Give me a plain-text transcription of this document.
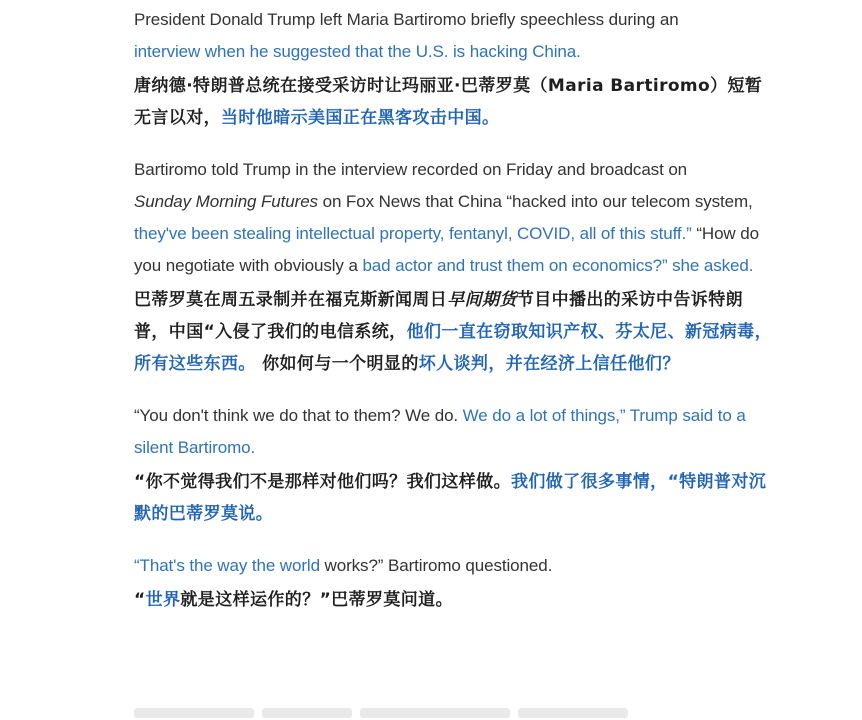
President Donald Trump left Maria Bartiromo briefly speechless during an
interview when he suggested that the U.S. is hacking China.

唐纳德·特朗普总统在接受采访时让玛丽亚·巴蒂罗莫（Maria Bartiromo）短暂无言以对，当时他暗示美国正在黑客攻击中国。

Bartiromo told Trump in the interview recorded on Friday and broadcast on
Sunday Morning Futures on Fox News that China “hacked into our telecom system, they've been stealing intellectual property, fentanyl, COVID, all of this stuff.” “How do you negotiate with obviously a bad actor and trust them on economics?” she asked.

巴蒂罗莫在周五录制并在福克斯新闻周日早间期货节目中播出的采访中告诉特朗普，中国“入侵了我们的电信系统，他们一直在窃取知识产权、芬太尼、新冠病毒，所有这些东西。 你如何与一个明显的坏人谈判，并在经济上信任他们？

“You don't think we do that to them? We do. We do a lot of things,” Trump said to a silent Bartiromo.

“你不觉得我们不是那样对他们吗？我们这样做。我们做了很多事情，“特朗普对沉默的巴蒂罗莫说。

“That's the way the world works?” Bartiromo questioned.

“世界就是这样运作的？”巴蒂罗莫问道。
